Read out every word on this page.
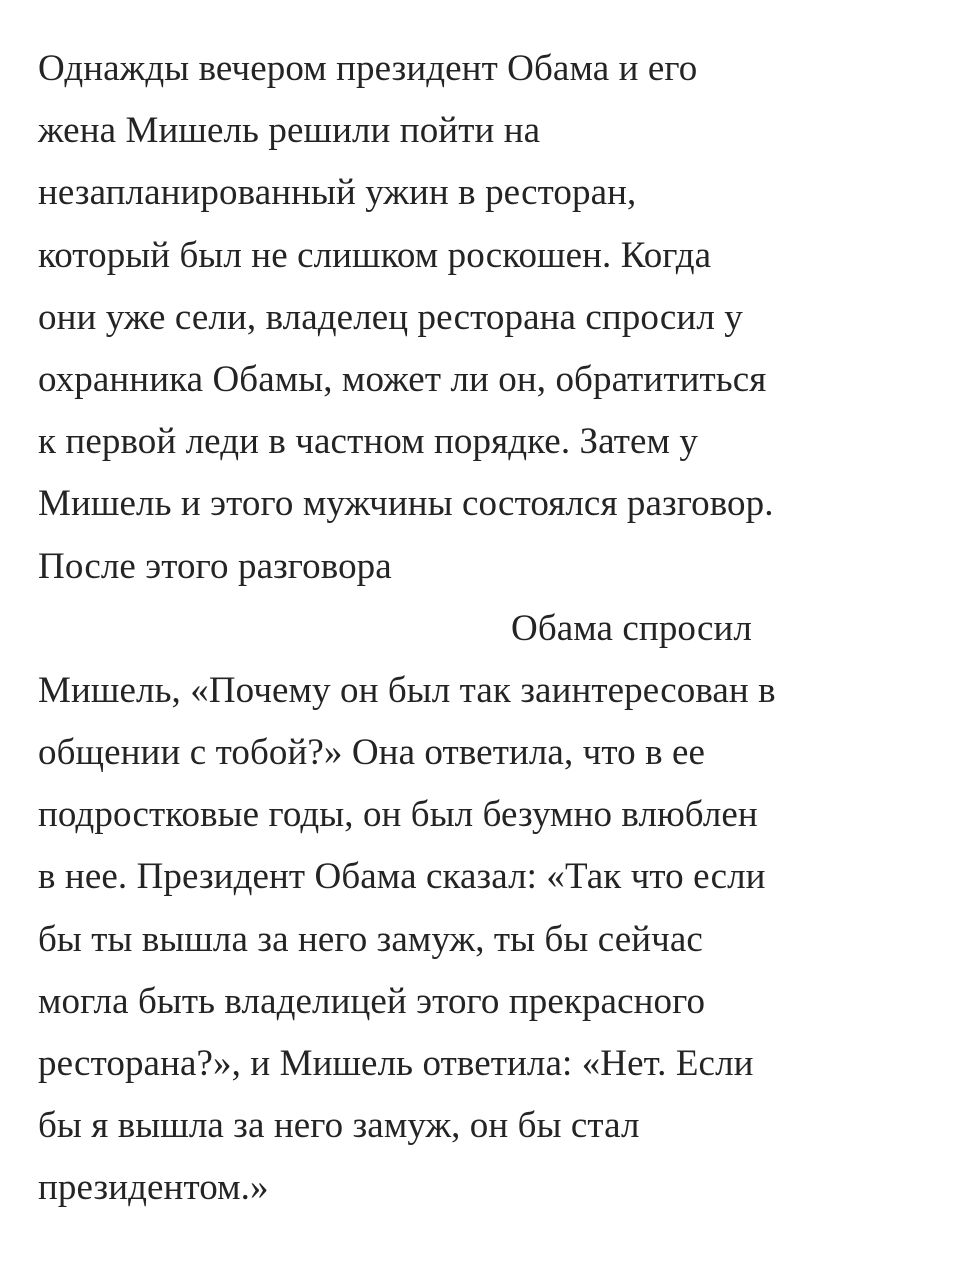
Однажды вечером президент Обама и его
жена Мишель решили пойти на
незапланированный ужин в ресторан,
который был не слишком роскошен. Когда
они уже сели, владелец ресторана спросил у
охранника Обамы, может ли он, обратититься
к первой леди в частном порядке. Затем у
Мишель и этого мужчины состоялся разговор.
После этого разговора
Обама спросил
Мишель, «Почему он был так заинтересован в
общении с тобой?» Она ответила, что в ее
подростковые годы, он был безумно влюблен
в нее. Президент Обама сказал: «Так что если
бы ты вышла за него замуж, ты бы сейчас
могла быть владелицей этого прекрасного
ресторана?», и Мишель ответила: «Нет. Если
бы я вышла за него замуж, он бы стал
президентом.»
